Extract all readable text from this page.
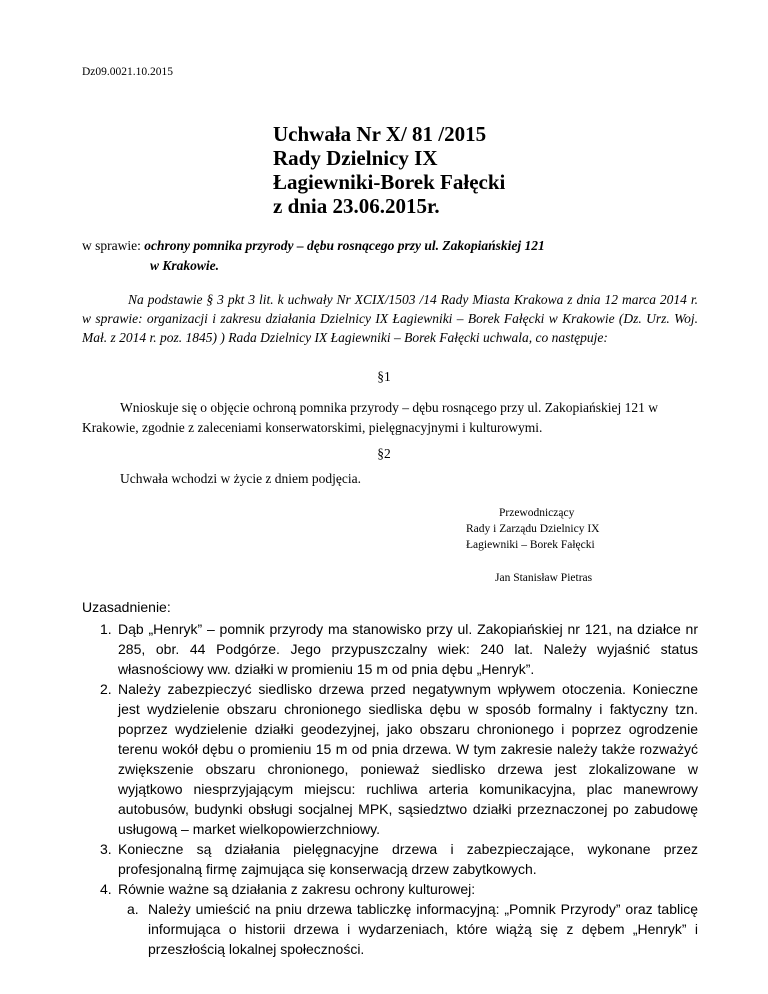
Dz09.0021.10.2015
Uchwała Nr X/ 81 /2015
Rady Dzielnicy IX
Łagiewniki-Borek Fałęcki
z dnia 23.06.2015r.
w sprawie: ochrony pomnika przyrody – dębu rosnącego przy ul. Zakopiańskiej 121
w Krakowie.
Na podstawie § 3 pkt 3 lit. k uchwały Nr XCIX/1503 /14 Rady Miasta Krakowa z dnia 12 marca 2014 r. w sprawie: organizacji i zakresu działania Dzielnicy IX Łagiewniki – Borek Fałęcki w Krakowie (Dz. Urz. Woj. Mał. z 2014 r. poz. 1845) ) Rada Dzielnicy IX Łagiewniki – Borek Fałęcki uchwala, co następuje:
§1
Wnioskuje się o objęcie ochroną pomnika przyrody – dębu rosnącego przy ul. Zakopiańskiej 121 w Krakowie, zgodnie z zaleceniami konserwatorskimi, pielęgnacyjnymi i kulturowymi.
§2
Uchwała wchodzi w życie z dniem podjęcia.
Przewodniczący
Rady i Zarządu Dzielnicy IX
Łagiewniki – Borek Fałęcki
Jan Stanisław Pietras
Uzasadnienie:
1. Dąb „Henryk” – pomnik przyrody ma stanowisko przy ul. Zakopiańskiej nr 121, na działce nr 285, obr. 44 Podgórze. Jego przypuszczalny wiek: 240 lat. Należy wyjaśnić status własnościowy ww. działki w promieniu 15 m od pnia dębu „Henryk”.
2. Należy zabezpieczyć siedlisko drzewa przed negatywnym wpływem otoczenia. Konieczne jest wydzielenie obszaru chronionego siedliska dębu w sposób formalny i faktyczny tzn. poprzez wydzielenie działki geodezyjnej, jako obszaru chronionego i poprzez ogrodzenie terenu wokół dębu o promieniu 15 m od pnia drzewa. W tym zakresie należy także rozważyć zwiększenie obszaru chronionego, ponieważ siedlisko drzewa jest zlokalizowane w wyjątkowo niesprzyjającym miejscu: ruchliwa arteria komunikacyjna, plac manewrowy autobusów, budynki obsługi socjalnej MPK, sąsiedztwo działki przeznaczonej po zabudowę usługową – market wielkopowierzchniowy.
3. Konieczne są działania pielęgnacyjne drzewa i zabezpieczające, wykonane przez profesjonalną firmę zajmująca się konserwacją drzew zabytkowych.
4. Równie ważne są działania z zakresu ochrony kulturowej:
a. Należy umieścić na pniu drzewa tabliczkę informacyjną: „Pomnik Przyrody” oraz tablicę informująca o historii drzewa i wydarzeniach, które wiążą się z dębem „Henryk” i przeszłością lokalnej społeczności.
